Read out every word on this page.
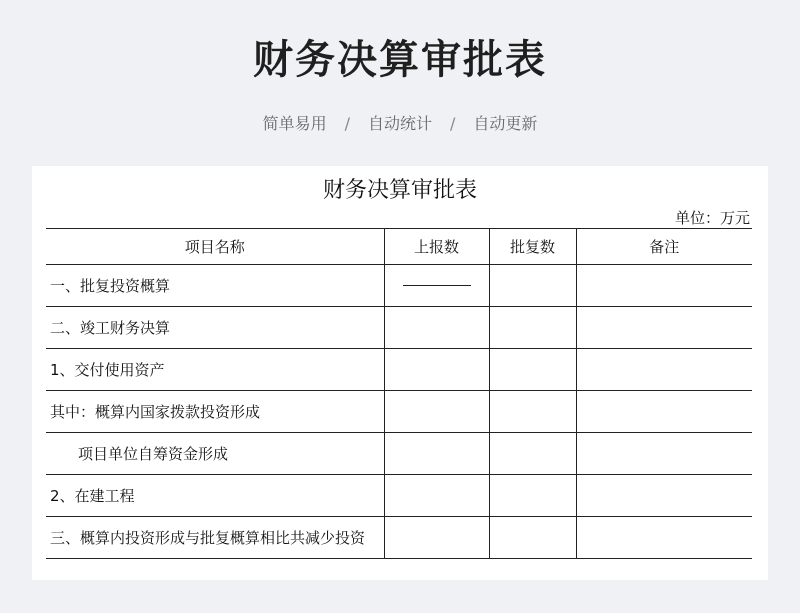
财务决算审批表
简单易用 / 自动统计 / 自动更新
财务决算审批表
单位：万元
项目名称	上报数	批复数	备注
一、批复投资概算	

二、竣工财务决算			
1、交付使用资产			
其中：概算内国家拨款投资形成			
项目单位自筹资金形成			
2、在建工程			
三、概算内投资形成与批复概算相比共减少投资			
